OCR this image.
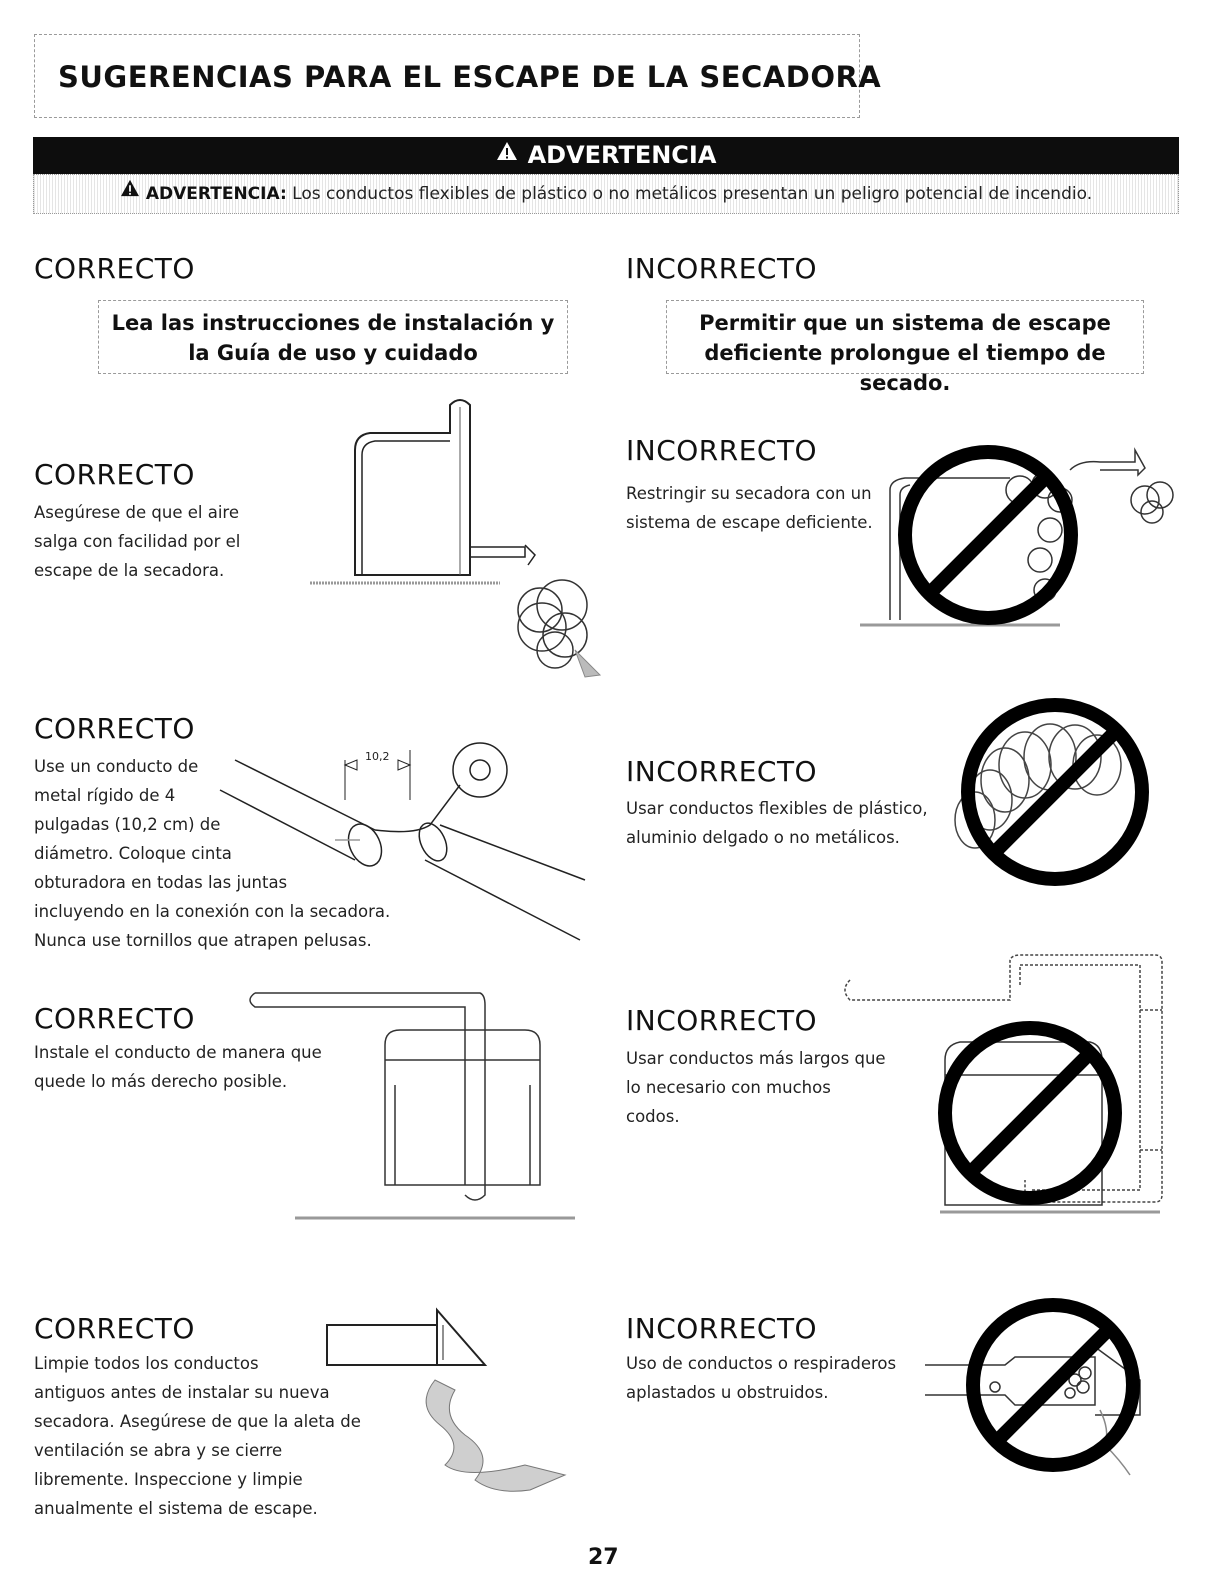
SUGERENCIAS PARA EL ESCAPE DE LA SECADORA
ADVERTENCIA
ADVERTENCIA: Los conductos flexibles de plástico o no metálicos presentan un peligro potencial de incendio.
CORRECTO	INCORRECTO
Lea las instrucciones de instalación y
la Guía de uso y cuidado
Permitir que un sistema de escape
deficiente prolongue el tiempo de secado.
CORRECTO
Asegúrese de que el aire
salga con facilidad por el
escape de la secadora.
CORRECTO
Use un conducto de
metal rígido de 4
pulgadas (10,2 cm) de
diámetro. Coloque cinta
obturadora en todas las juntas
incluyendo en la conexión con la secadora.
Nunca use tornillos que atrapen pelusas.
10,2
CORRECTO
Instale el conducto de manera que
quede lo más derecho posible.
CORRECTO
Limpie todos los conductos
antiguos antes de instalar su nueva
secadora. Asegúrese de que la aleta de
ventilación se abra y se cierre
libremente. Inspeccione y limpie
anualmente el sistema de escape.
INCORRECTO
Restringir su secadora con un
sistema de escape deficiente.
INCORRECTO
Usar conductos flexibles de plástico,
aluminio delgado o no metálicos.
INCORRECTO
Usar conductos más largos que
lo necesario con muchos
codos.
INCORRECTO
Uso de conductos o respiraderos
aplastados u obstruidos.
27
